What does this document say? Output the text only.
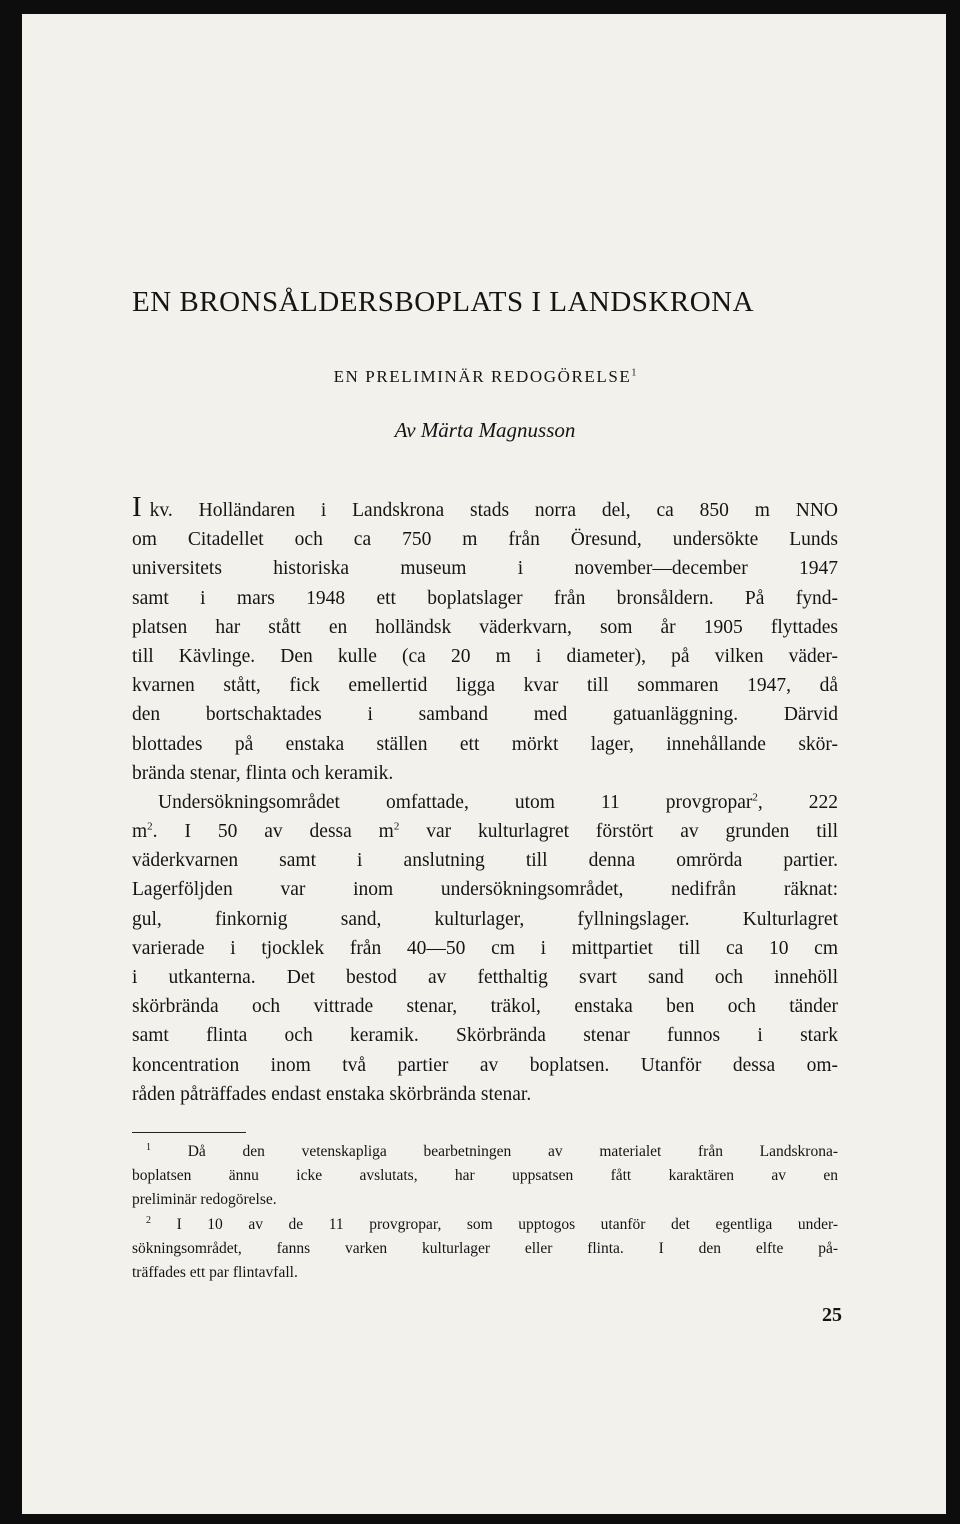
EN BRONSÅLDERSBOPLATS I LANDSKRONA
EN PRELIMINÄR REDOGÖRELSE$^1$
Av Märta Magnusson
I kv. Holländaren i Landskrona stads norra del, ca 850 m NNO
om Citadellet och ca 750 m från Öresund, undersökte Lunds
universitets historiska museum i november—december 1947
samt i mars 1948 ett boplatslager från bronsåldern. På fynd-
platsen har stått en holländsk väderkvarn, som år 1905 flyttades
till Kävlinge. Den kulle (ca 20 m i diameter), på vilken väder-
kvarnen stått, fick emellertid ligga kvar till sommaren 1947, då
den bortschaktades i samband med gatuanläggning. Därvid
blottades på enstaka ställen ett mörkt lager, innehållande skör-
brända stenar, flinta och keramik.
Undersökningsområdet omfattade, utom 11 provgropar$^2$, 222
$m^2$. I 50 av dessa $m^2$ var kulturlagret förstört av grunden till
väderkvarnen samt i anslutning till denna omrörda partier.
Lagerföljden var inom undersökningsområdet, nedifrån räknat:
gul, finkornig sand, kulturlager, fyllningslager. Kulturlagret
varierade i tjocklek från 40—50 cm i mittpartiet till ca 10 cm
i utkanterna. Det bestod av fetthaltig svart sand och innehöll
skörbrända och vittrade stenar, träkol, enstaka ben och tänder
samt flinta och keramik. Skörbrända stenar funnos i stark
koncentration inom två partier av boplatsen. Utanför dessa om-
råden påträffades endast enstaka skörbrända stenar.
$^1$ Då den vetenskapliga bearbetningen av materialet från Landskrona-
boplatsen ännu icke avslutats, har uppsatsen fått karaktären av en
preliminär redogörelse.
$^2$ I 10 av de 11 provgropar, som upptogos utanför det egentliga under-
sökningsområdet, fanns varken kulturlager eller flinta. I den elfte på-
träffades ett par flintavfall.
25
